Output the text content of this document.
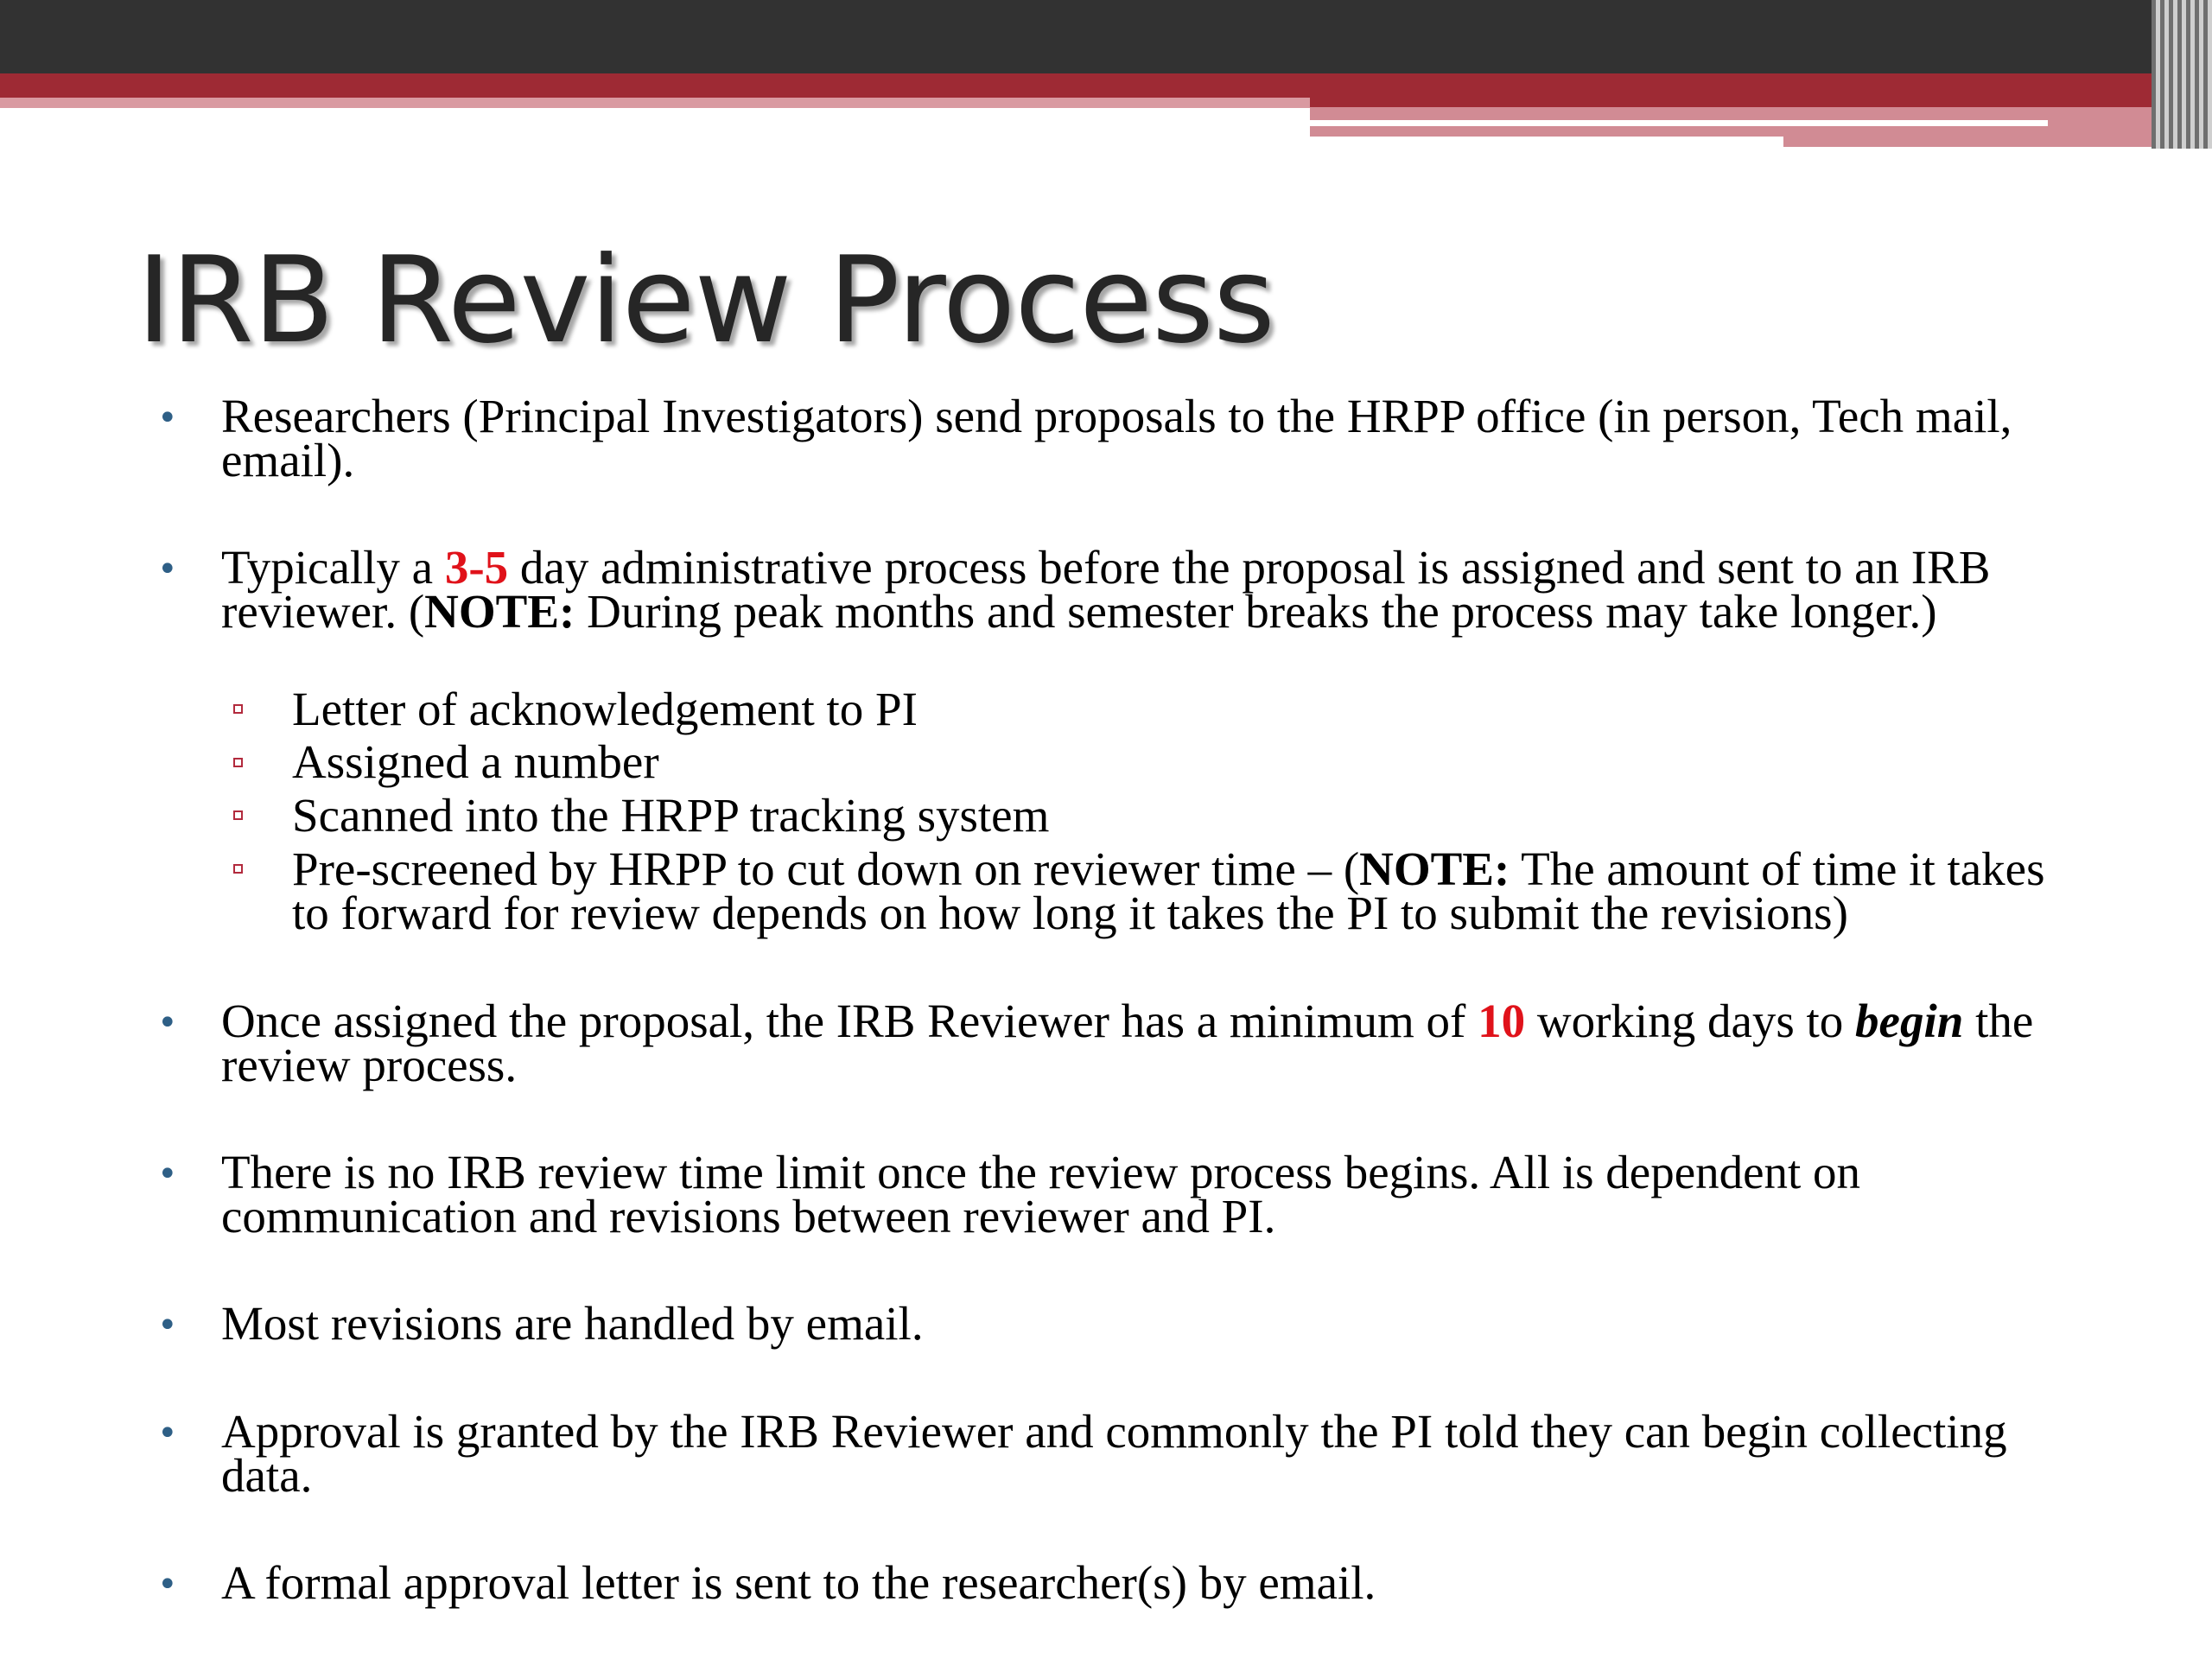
IRB Review Process
• Researchers (Principal Investigators) send proposals to the HRPP office (in person, Tech mail, email).
• Typically a 3-5 day administrative process before the proposal is assigned and sent to an IRB reviewer. (NOTE: During peak months and semester breaks the process may take longer.)
Letter of acknowledgement to PI
Assigned a number
Scanned into the HRPP tracking system
Pre-screened by HRPP to cut down on reviewer time – (NOTE: The amount of time it takes to forward for review depends on how long it takes the PI to submit the revisions)
• Once assigned the proposal, the IRB Reviewer has a minimum of 10 working days to begin the review process.
• There is no IRB review time limit once the review process begins. All is dependent on communication and revisions between reviewer and PI.
• Most revisions are handled by email.
• Approval is granted by the IRB Reviewer and commonly the PI told they can begin collecting data.
• A formal approval letter is sent to the researcher(s) by email.
